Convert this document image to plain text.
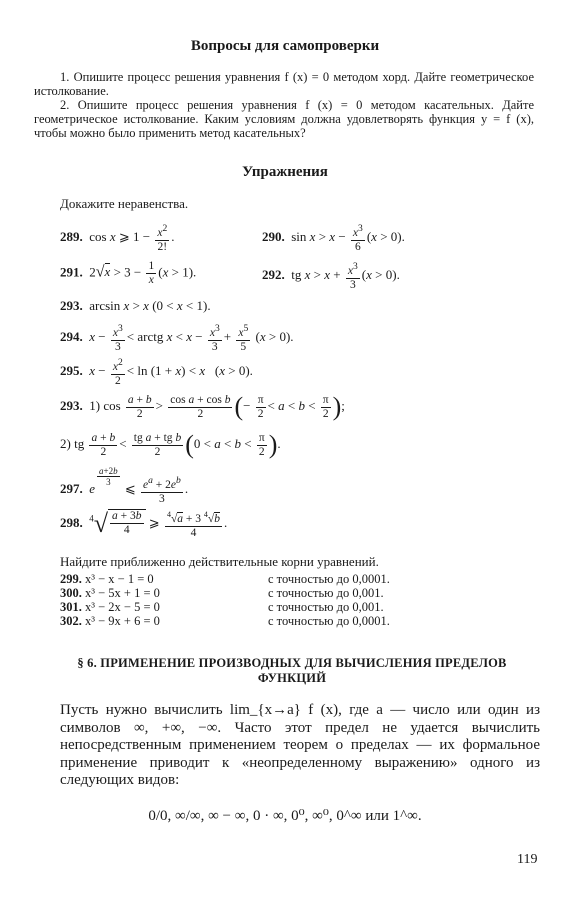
Вопросы для самопроверки
1. Опишите процесс решения уравнения f (x) = 0 методом хорд. Дайте геометрическое истолкование.
2. Опишите процесс решения уравнения f (x) = 0 методом касательных. Дайте геометрическое истолкование. Каким условиям должна удовлетворять функция y = f (x), чтобы можно было применить метод касательных?
Упражнения
Докажите неравенства.
289.  cos x ⩾ $1 - \frac{x^2}{2!}$ .	290.  $\sin x > x - \frac{x^3}{6} (x > 0)$.
291.  $2√x > 3 - \frac{1}{x} (x > 1)$.	292.  tg $x > x + \frac{x^3}{3} (x > 0)$.
293.  arcsin x > x (0 < x < 1).
294. $x - \frac{x^3}{3}$ < arctg $x < x - \frac{x^3}{3} + \frac{x^5}{5} (x > 0)$.
295. $x - \frac{x^2}{2} < \ln (1 + x) < x$   (x > 0).
293.  1) $\cos \frac{a + b}{2} > \frac{\text{cos a + cos b}}{2}$ (− $\frac{\pi}{2} < a < b < \frac{\pi}{2}$ );
2) tg $\frac{a + b}{2} < \frac{\text{tg a + tg b}}{2} (0 < a < b < \frac{\pi}{2}$ ).
297. e
$^{\frac{a+2b}{3}}$
⩽ $\frac{e^a + 2e^b}{3}$ .
298. $^4√ \frac{a + 3b}{4}$ ⩾ $\frac{^4√a + 3 ^4√b}{4}$ .
Найдите приближенно действительные корни уравнений.
299. x³ − x − 1 = 0	с точностью до 0,0001.
300. x³ − 5x + 1 = 0	с точностью до 0,001.
301. x³ − 2x − 5 = 0	с точностью до 0,001.
302. x³ − 9x + 6 = 0	с точностью до 0,0001.
§ 6. ПРИМЕНЕНИЕ ПРОИЗВОДНЫХ ДЛЯ ВЫЧИСЛЕНИЯ ПРЕДЕЛОВ ФУНКЦИЙ
Пусть нужно вычислить lim_{x→a} f (x), где a — число или один из символов ∞, +∞, −∞. Часто этот предел не удается вычислить непосредственным применением теорем о пределах — их формальное применение приводит к «неопределенному выражению» одного из следующих видов:
0/0, ∞/∞, ∞ − ∞, 0 · ∞, 0⁰, ∞⁰, 0^∞ или 1^∞.
119
